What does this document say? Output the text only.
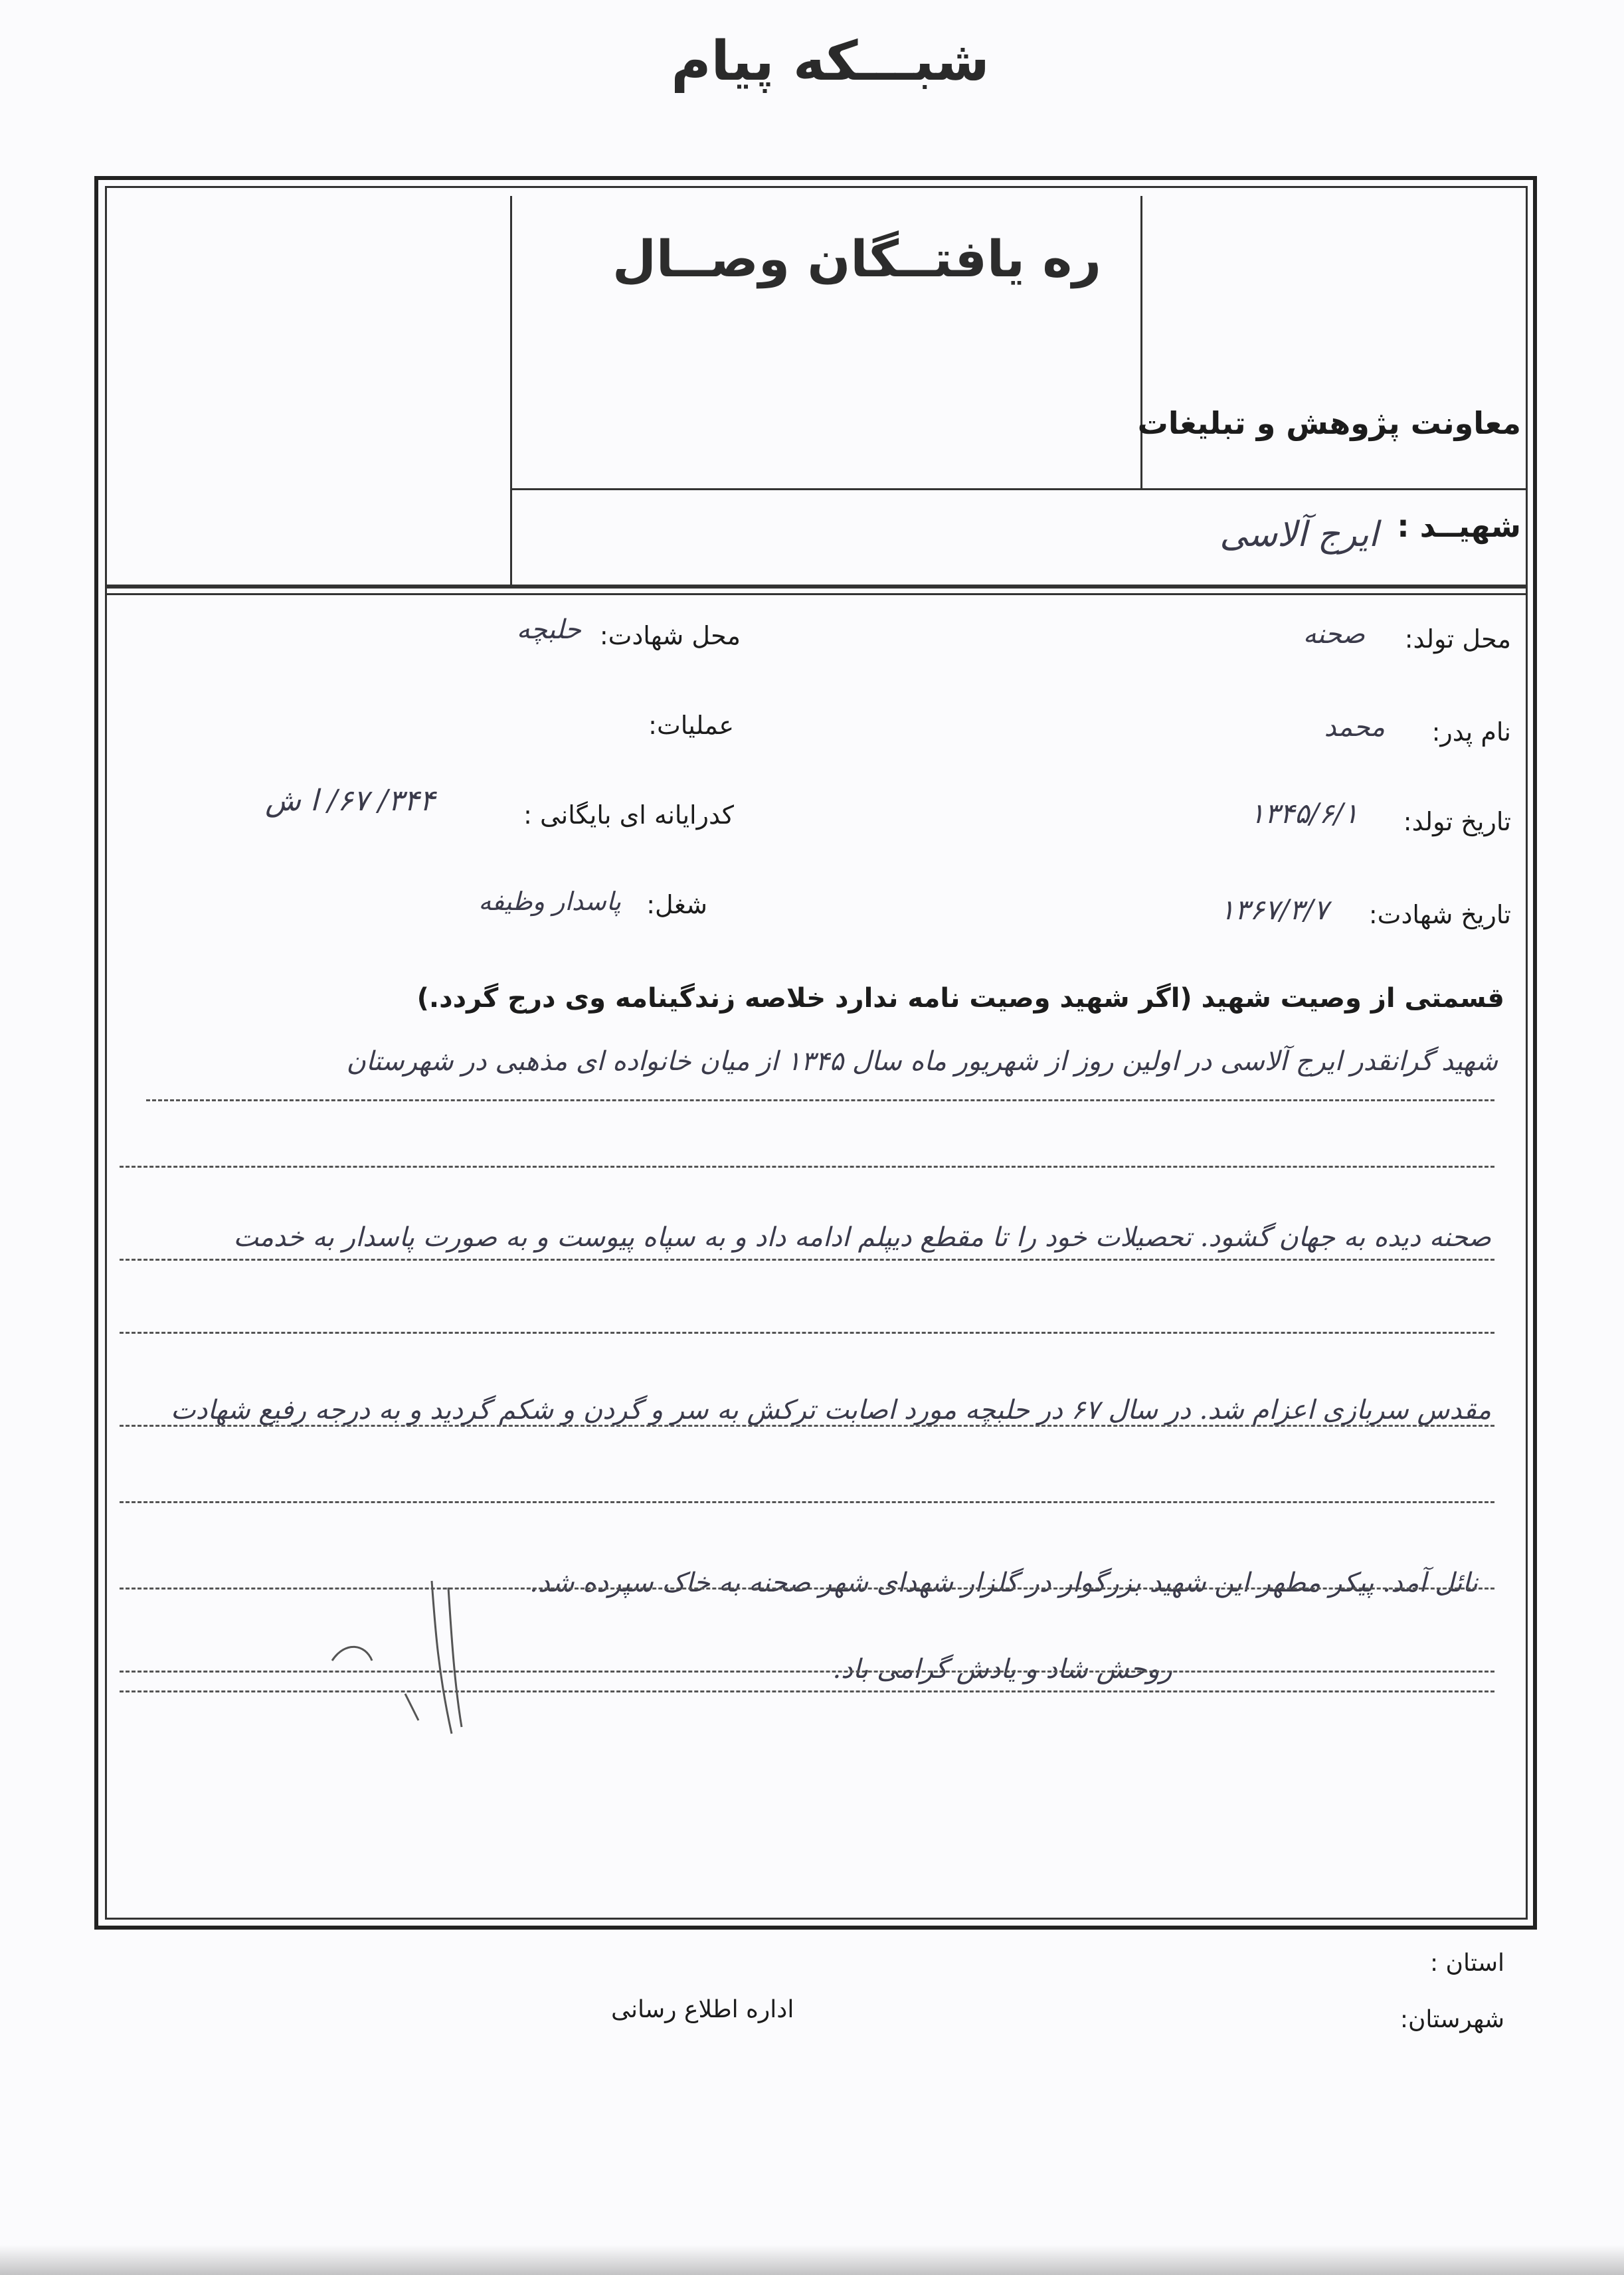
شبـــکه پیام
ره یافتــگان وصــال
معاونت پژوهش و تبلیغات
شهیــد :
ایرج آلاسی
محل تولد:
صحنه
نام پدر:
محمد
تاریخ تولد:
۱۳۴۵/۶/۱
تاریخ شهادت:
۱۳۶۷/۳/۷
محل شهادت:
حلبچه
عملیات:
کدرایانه ای بایگانی :
۳۴۴/ ۶۷/ ا ش
شغل:
پاسدار وظیفه
قسمتی از وصیت شهید (اگر شهید وصیت نامه ندارد خلاصه زندگینامه وی درج گردد.)
شهید گرانقدر ایرج آلاسی در اولین روز از شهریور ماه سال ۱۳۴۵ از میان خانواده ای مذهبی در شهرستان
صحنه دیده به جهان گشود. تحصیلات خود را تا مقطع دیپلم ادامه داد و به سپاه پیوست و به صورت پاسدار به خدمت
مقدس سربازی اعزام شد. در سال ۶۷ در حلبچه مورد اصابت ترکش به سر و گردن و شکم گردید و به درجه رفیع شهادت
نائل آمد. پیکر مطهر این شهید بزرگوار در گلزار شهدای شهر صحنه به خاک سپرده شد.
روحش شاد و یادش گرامی باد.
استان :
شهرستان:
اداره اطلاع رسانی
